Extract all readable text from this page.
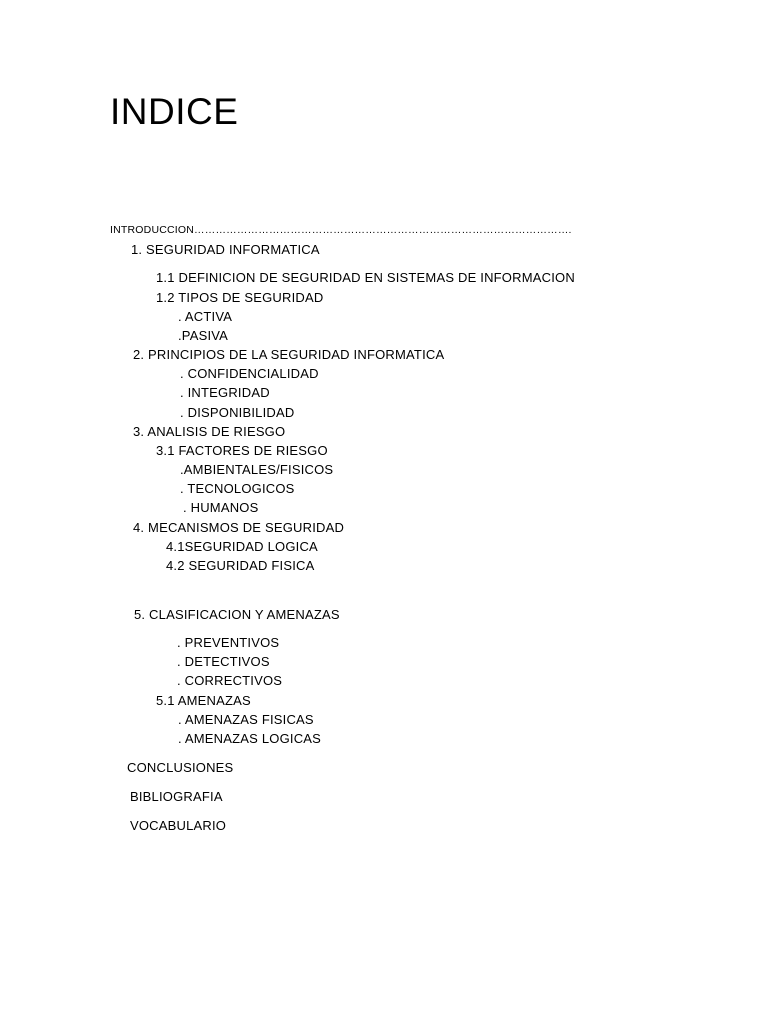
INDICE
INTRODUCCION…………………………………………………………………………………………….
1. SEGURIDAD INFORMATICA
1.1 DEFINICION DE SEGURIDAD EN SISTEMAS DE INFORMACION
1.2 TIPOS DE SEGURIDAD
. ACTIVA
.PASIVA
2. PRINCIPIOS DE LA SEGURIDAD INFORMATICA
. CONFIDENCIALIDAD
. INTEGRIDAD
. DISPONIBILIDAD
3. ANALISIS DE RIESGO
3.1 FACTORES DE RIESGO
.AMBIENTALES/FISICOS
. TECNOLOGICOS
. HUMANOS
4. MECANISMOS DE SEGURIDAD
4.1SEGURIDAD LOGICA
4.2 SEGURIDAD FISICA
5. CLASIFICACION Y AMENAZAS
. PREVENTIVOS
. DETECTIVOS
. CORRECTIVOS
5.1 AMENAZAS
. AMENAZAS FISICAS
. AMENAZAS LOGICAS
CONCLUSIONES
BIBLIOGRAFIA
VOCABULARIO
